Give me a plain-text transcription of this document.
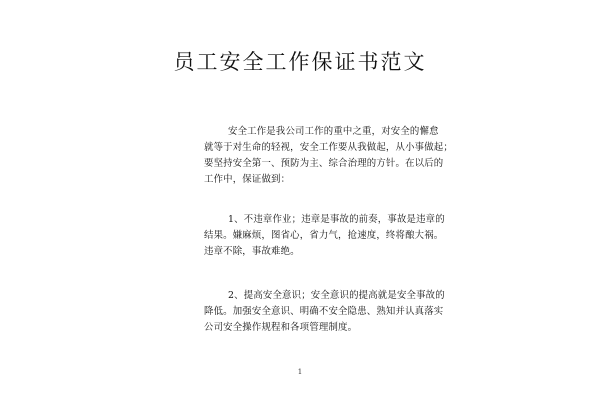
员工安全工作保证书范文

安全工作是我公司工作的重中之重，对安全的懈怠
就等于对生命的轻视，安全工作要从我做起，从小事做起；
要坚持安全第一、预防为主、综合治理的方针。在以后的
工作中，保证做到：

1、不违章作业；违章是事故的前奏，事故是违章的
结果。嫌麻烦，图省心，省力气，抢速度，终将酿大祸。
违章不除，事故难绝。

2、提高安全意识；安全意识的提高就是安全事故的
降低。加强安全意识、明确不安全隐患、熟知并认真落实
公司安全操作规程和各项管理制度。

1
